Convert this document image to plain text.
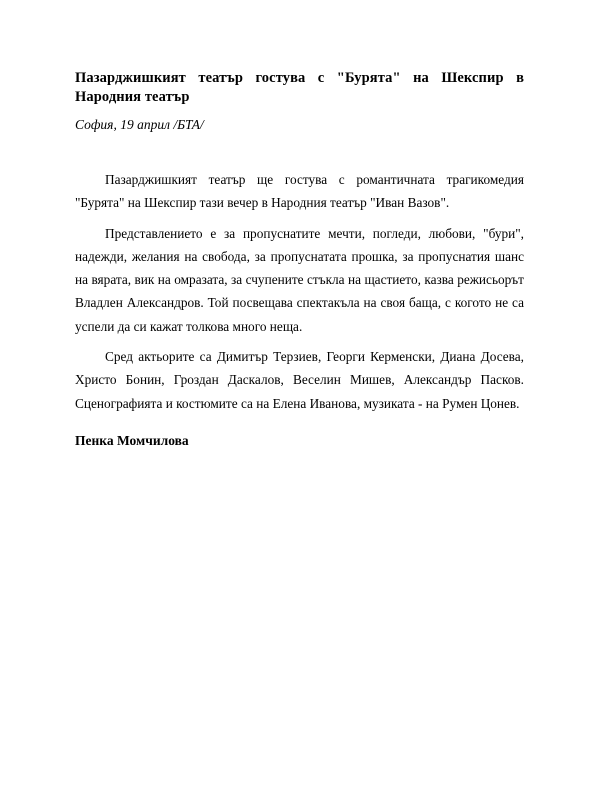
Пазарджишкият театър гостува с "Бурята" на Шекспир в Народния театър

София, 19 април /БТА/

Пазарджишкият театър ще гостува с романтичната трагикомедия "Бурята" на Шекспир тази вечер в Народния театър "Иван Вазов".

Представлението е за пропуснатите мечти, погледи, любови, "бури", надежди, желания на свобода, за пропуснатата прошка, за пропуснатия шанс на вярата, вик на омразата, за счупените стъкла на щастието, казва режисьорът Владлен Александров. Той посвещава спектакъла на своя баща, с когото не са успели да си кажат толкова много неща.

Сред актьорите са Димитър Терзиев, Георги Керменски, Диана Досева, Христо Бонин, Гроздан Даскалов, Веселин Мишев, Александър Пасков. Сценографията и костюмите са на Елена Иванова, музиката - на Румен Цонев.

Пенка Момчилова
